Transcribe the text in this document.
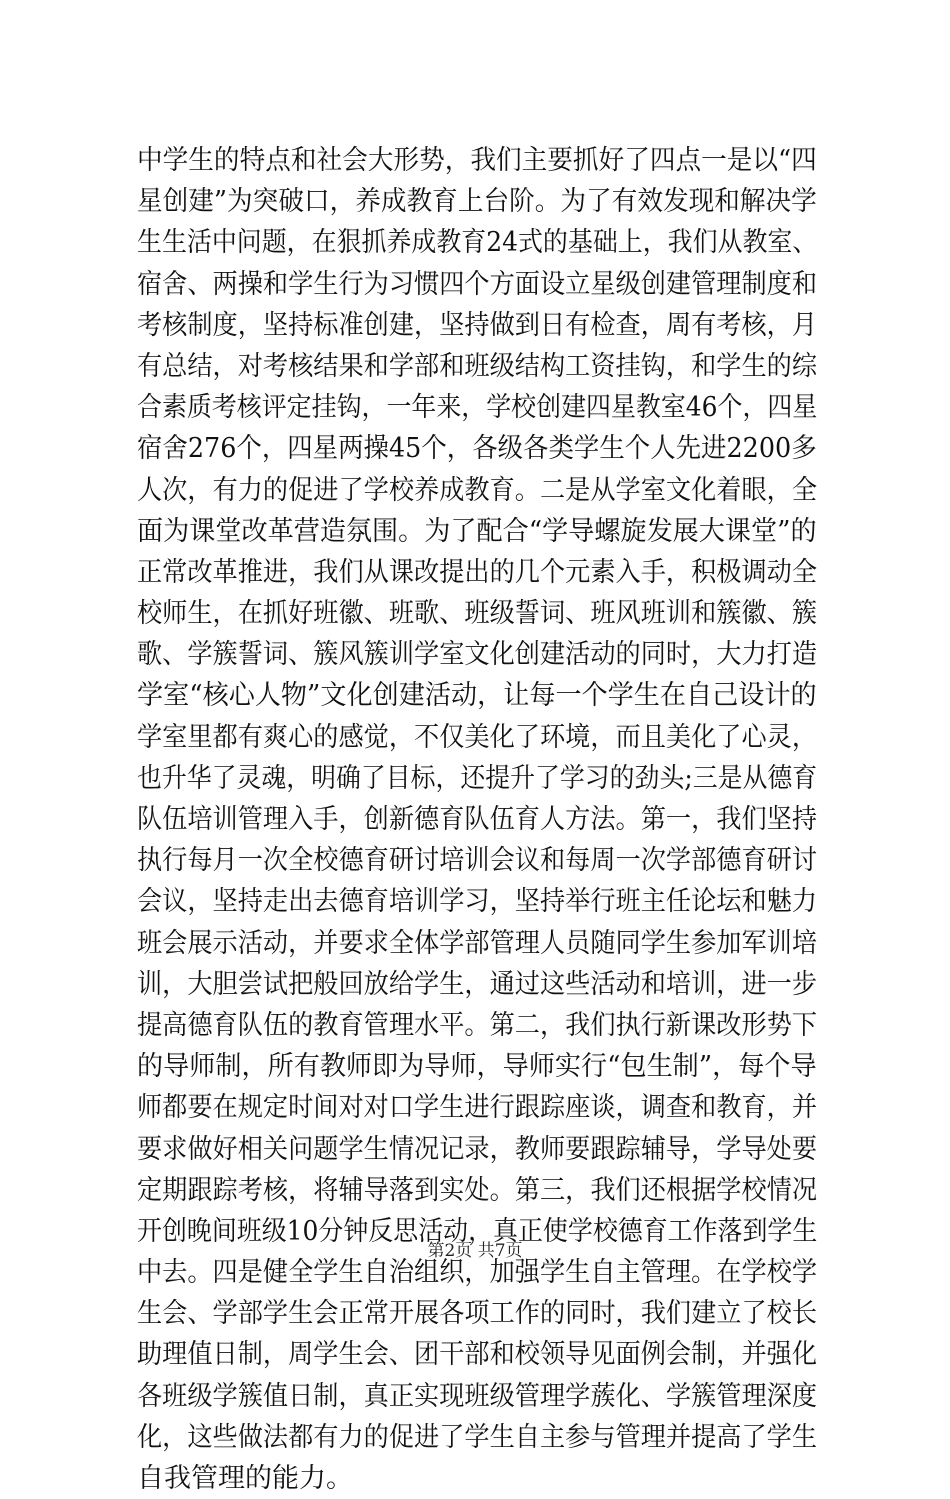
中学生的特点和社会大形势，我们主要抓好了四点一是以“四
星创建”为突破口，养成教育上台阶。为了有效发现和解决学
生生活中问题，在狠抓养成教育24式的基础上，我们从教室、
宿舍、两操和学生行为习惯四个方面设立星级创建管理制度和
考核制度，坚持标准创建，坚持做到日有检查，周有考核，月
有总结，对考核结果和学部和班级结构工资挂钩，和学生的综
合素质考核评定挂钩，一年来，学校创建四星教室46个，四星
宿舍276个，四星两操45个，各级各类学生个人先进2200多
人次，有力的促进了学校养成教育。二是从学室文化着眼，全
面为课堂改革营造氛围。为了配合“学导螺旋发展大课堂”的
正常改革推进，我们从课改提出的几个元素入手，积极调动全
校师生，在抓好班徽、班歌、班级誓词、班风班训和簇徽、簇
歌、学簇誓词、簇风簇训学室文化创建活动的同时，大力打造
学室“核心人物”文化创建活动，让每一个学生在自己设计的
学室里都有爽心的感觉，不仅美化了环境，而且美化了心灵，
也升华了灵魂，明确了目标，还提升了学习的劲头;三是从德育
队伍培训管理入手，创新德育队伍育人方法。第一，我们坚持
执行每月一次全校德育研讨培训会议和每周一次学部德育研讨
会议，坚持走出去德育培训学习，坚持举行班主任论坛和魅力
班会展示活动，并要求全体学部管理人员随同学生参加军训培
训，大胆尝试把般回放给学生，通过这些活动和培训，进一步
提高德育队伍的教育管理水平。第二，我们执行新课改形势下
的导师制，所有教师即为导师，导师实行“包生制”，每个导
师都要在规定时间对对口学生进行跟踪座谈，调查和教育，并
要求做好相关问题学生情况记录，教师要跟踪辅导，学导处要
定期跟踪考核，将辅导落到实处。第三，我们还根据学校情况
开创晚间班级10分钟反思活动，真正使学校德育工作落到学生
中去。四是健全学生自治组织，加强学生自主管理。在学校学
生会、学部学生会正常开展各项工作的同时，我们建立了校长
助理值日制，周学生会、团干部和校领导见面例会制，并强化
各班级学簇值日制，真正实现班级管理学蔟化、学簇管理深度
化，这些做法都有力的促进了学生自主参与管理并提高了学生
自我管理的能力。
第2页 共7页
